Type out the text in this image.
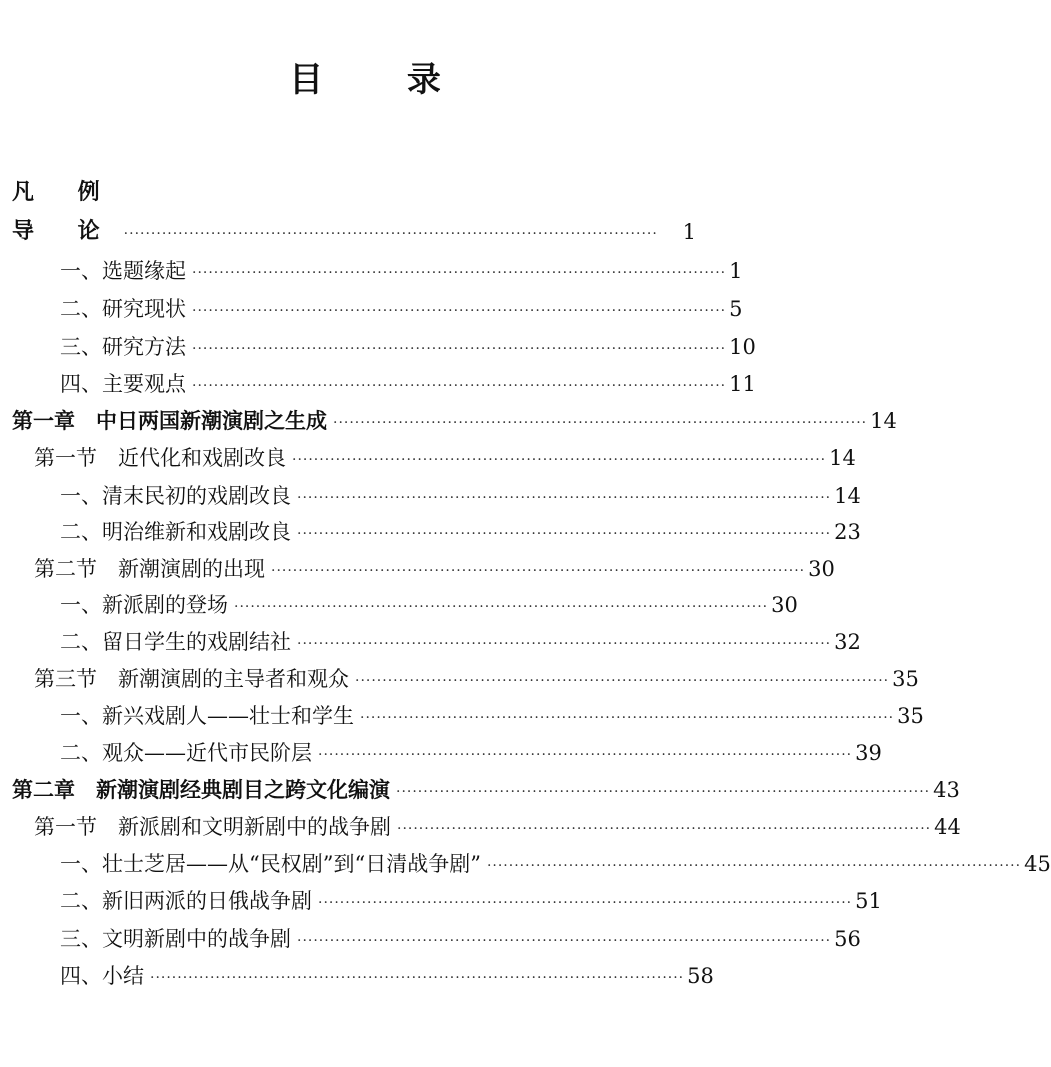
目 录
凡 例
导 论 ··································································································	1
一、选题缘起 ·································································································· 1
二、研究现状 ·································································································· 5
三、研究方法 ·································································································· 10
四、主要观点 ·································································································· 11
第一章　中日两国新潮演剧之生成 ·································································································· 14
第一节　近代化和戏剧改良 ·································································································· 14
一、清末民初的戏剧改良 ·································································································· 14
二、明治维新和戏剧改良 ·································································································· 23
第二节　新潮演剧的出现 ·································································································· 30
一、新派剧的登场 ·································································································· 30
二、留日学生的戏剧结社 ·································································································· 32
第三节　新潮演剧的主导者和观众 ·································································································· 35
一、新兴戏剧人——壮士和学生 ·································································································· 35
二、观众——近代市民阶层 ·································································································· 39
第二章　新潮演剧经典剧目之跨文化编演 ·································································································· 43
第一节　新派剧和文明新剧中的战争剧 ·································································································· 44
一、壮士芝居——从“民权剧”到“日清战争剧” ·································································································· 45
二、新旧两派的日俄战争剧 ·································································································· 51
三、文明新剧中的战争剧 ·································································································· 56
四、小结 ·································································································· 58
